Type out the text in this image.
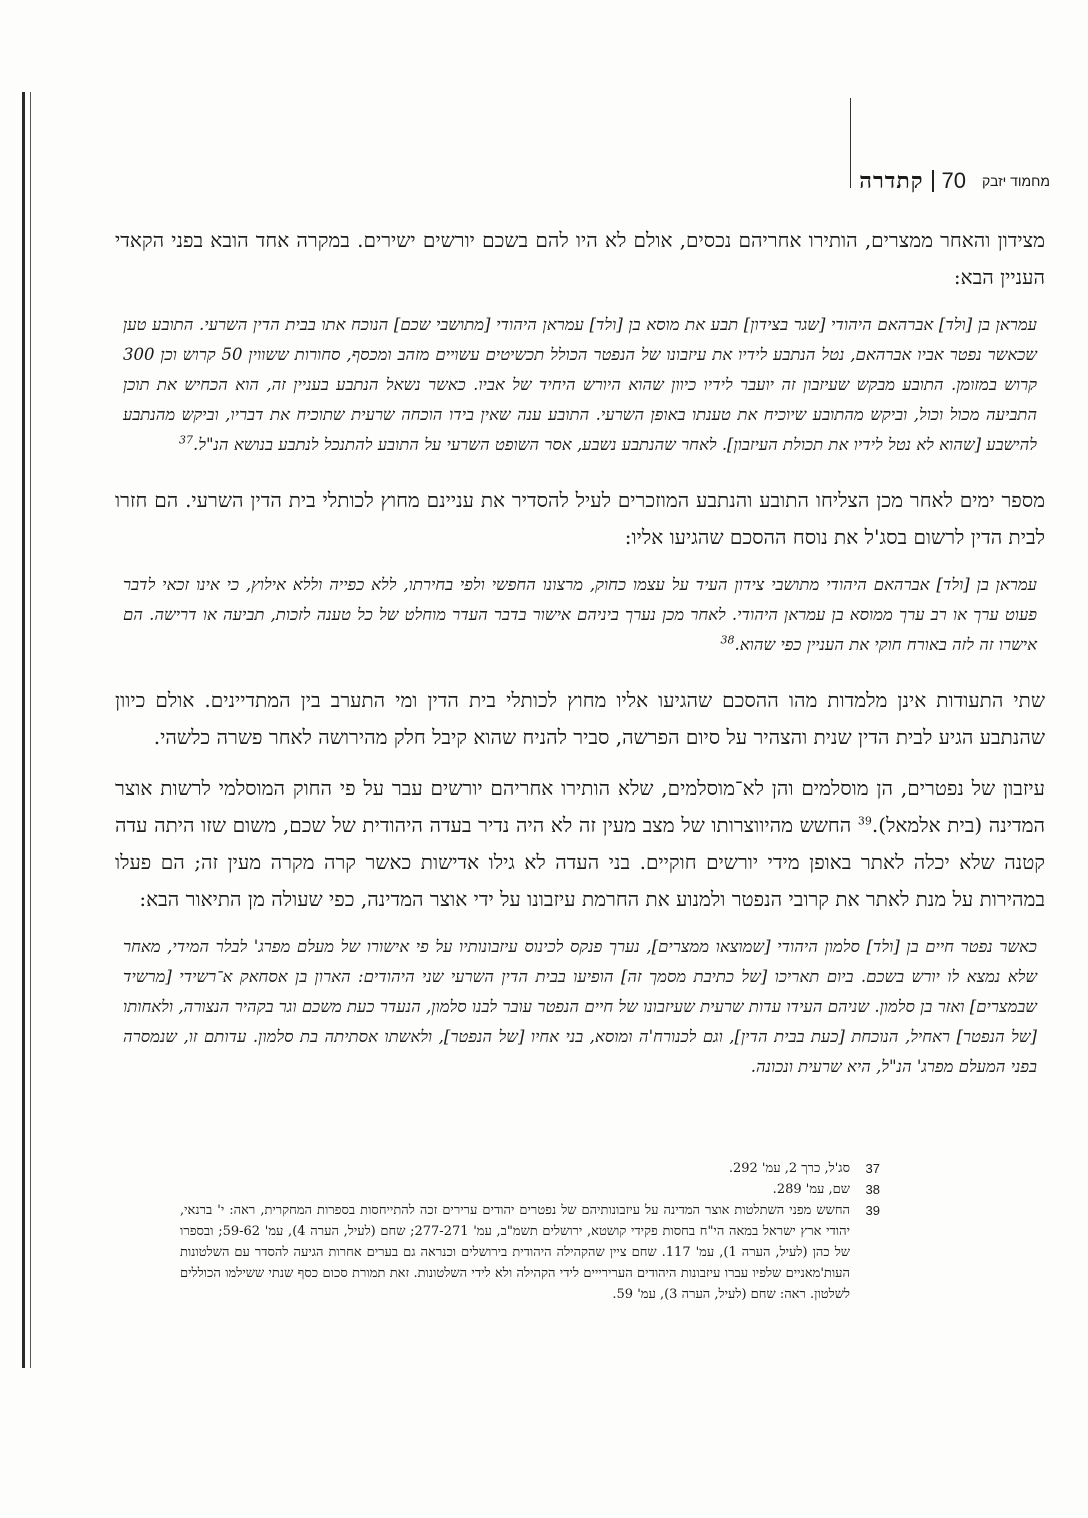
קתדרה 70	מחמוד יזבק

מצידון והאחר ממצרים, הותירו אחריהם נכסים, אולם לא היו להם בשכם יורשים ישירים. במקרה אחד הובא בפני הקאדי העניין הבא:

עמראן בן [ולד] אברהאם היהודי [שגר בצידון] תבע את מוסא בן [ולד] עמראן היהודי [מתושבי שכם] הנוכח אתו בבית הדין השרעי. התובע טען שכאשר נפטר אביו אברהאם, נטל הנתבע לידיו את עיזבונו של הנפטר הכולל תכשיטים עשויים מזהב ומכסף, סחורות ששווין 50 קרוש וכן 300 קרוש במזומן. התובע מבקש שעיזבון זה יועבר לידיו כיוון שהוא היורש היחיד של אביו. כאשר נשאל הנתבע בעניין זה, הוא הכחיש את תוכן התביעה מכול וכול, וביקש מהתובע שיוכיח את טענתו באופן השרעי. התובע ענה שאין בידו הוכחה שרעית שתוכיח את דבריו, וביקש מהנתבע להישבע [שהוא לא נטל לידיו את תכולת העיזבון]. לאחר שהנתבע נשבע, אסר השופט השרעי על התובע להתנכל לנתבע בנושא הנ"ל.$^{37}$

מספר ימים לאחר מכן הצליחו התובע והנתבע המוזכרים לעיל להסדיר את עניינם מחוץ לכותלי בית הדין השרעי. הם חזרו לבית הדין לרשום בסג'ל את נוסח ההסכם שהגיעו אליו:

עמראן בן [ולד] אברהאם היהודי מתושבי צידון העיד על עצמו כחוק, מרצונו החפשי ולפי בחירתו, ללא כפייה וללא אילוץ, כי אינו זכאי לדבר פעוט ערך או רב ערך ממוסא בן עמראן היהודי. לאחר מכן נערך ביניהם אישור בדבר העדר מוחלט של כל טענה לזכות, תביעה או דרישה. הם אישרו זה לזה באורח חוקי את העניין כפי שהוא.$^{38}$

שתי התעודות אינן מלמדות מהו ההסכם שהגיעו אליו מחוץ לכותלי בית הדין ומי התערב בין המתדיינים. אולם כיוון שהנתבע הגיע לבית הדין שנית והצהיר על סיום הפרשה, סביר להניח שהוא קיבל חלק מהירושה לאחר פשרה כלשהי.

עיזבון של נפטרים, הן מוסלמים והן לא־מוסלמים, שלא הותירו אחריהם יורשים עבר על פי החוק המוסלמי לרשות אוצר המדינה (בית אלמאל).$^{39}$ החשש מהיווצרותו של מצב מעין זה לא היה נדיר בעדה היהודית של שכם, משום שזו היתה עדה קטנה שלא יכלה לאתר באופן מידי יורשים חוקיים. בני העדה לא גילו אדישות כאשר קרה מקרה מעין זה; הם פעלו במהירות על מנת לאתר את קרובי הנפטר ולמנוע את החרמת עיזבונו על ידי אוצר המדינה, כפי שעולה מן התיאור הבא:

כאשר נפטר חיים בן [ולד] סלמון היהודי [שמוצאו ממצרים], נערך פנקס לכינוס עיזבונותיו על פי אישורו של מעלם מפרג' לבלר המידי, מאחר שלא נמצא לו יורש בשכם. ביום תאריכו [של כתיבת מסמך זה] הופיעו בבית הדין השרעי שני היהודים: הארון בן אסחאק א־רשידי [מרשיד שבמצרים] ואזר בן סלמון. שניהם העידו עדות שרעית שעיזבונו של חיים הנפטר עובר לבנו סלמון, הנעדר כעת משכם וגר בקהיר הנצורה, ולאחותו [של הנפטר] ראחיל, הנוכחת [כעת בבית הדין], וגם לכנורח'ה ומוסא, בני אחיו [של הנפטר], ולאשתו אסתיתה בת סלמון. עדותם זו, שנמסרה בפני המעלם מפרג' הנ"ל, היא שרעית ונכונה.

37
סג'ל, כרך 2, עמ' 292.
38
שם, עמ' 289.
39
החשש מפני השתלטות אוצר המדינה על עיזבונותיהם של נפטרים יהודים ערירים זכה להתייחסות בספרות המחקרית, ראה: י' ברנאי, יהודי ארץ ישראל במאה הי"ח בחסות פקידי קושטא, ירושלים תשמ"ב, עמ' 277-271; שחם (לעיל, הערה 4), עמ' 59-62; ובספרו של כהן (לעיל, הערה 1), עמ' 117. שחם ציין שהקהילה היהודית בירושלים וכנראה גם בערים אחרות הגיעה להסדר עם השלטונות העות'מאניים שלפיו עברו עיזבונות היהודים הערירייים לידי הקהילה ולא לידי השלטונות. זאת תמורת סכום כסף שנתי ששילמו הכוללים לשלטון. ראה: שחם (לעיל, הערה 3), עמ' 59.
